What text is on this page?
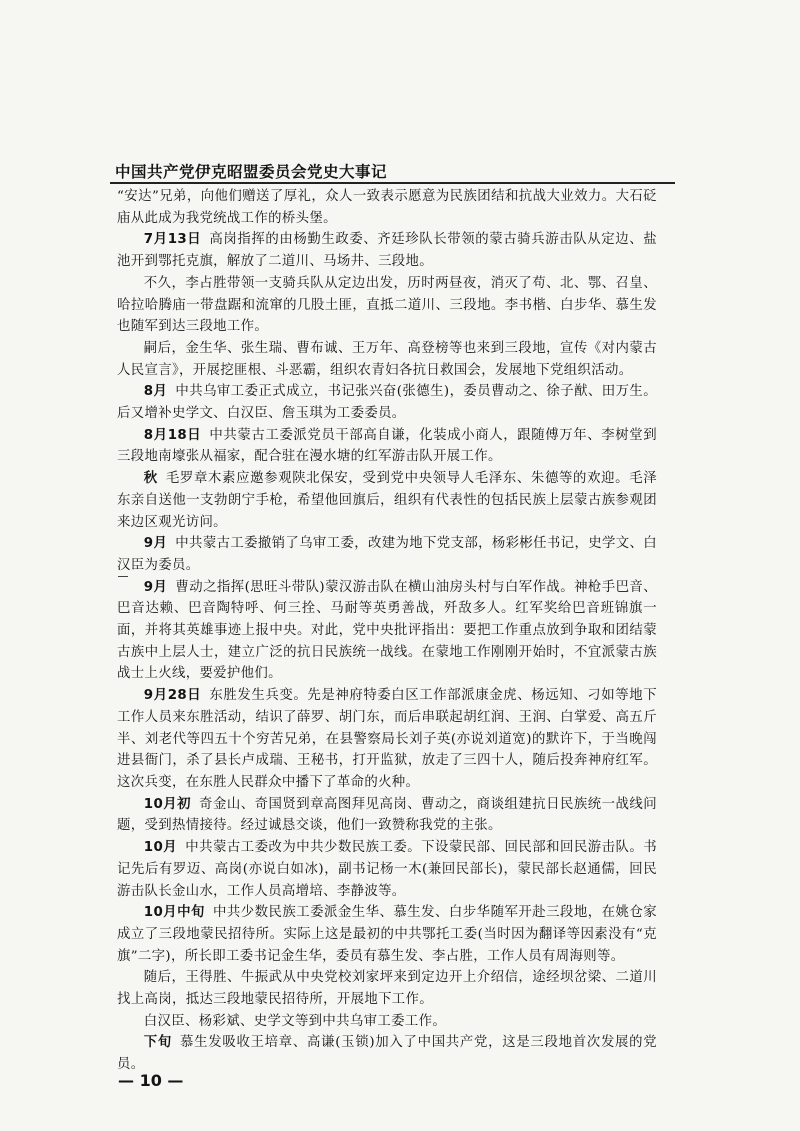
中国共产党伊克昭盟委员会党史大事记

“安达”兄弟，向他们赠送了厚礼，众人一致表示愿意为民族团结和抗战大业效力。大石砭庙从此成为我党统战工作的桥头堡。

7月13日 高岗指挥的由杨勤生政委、齐廷珍队长带领的蒙古骑兵游击队从定边、盐池开到鄂托克旗，解放了二道川、马场井、三段地。

不久，李占胜带领一支骑兵队从定边出发，历时两昼夜，消灭了苟、北、鄂、召皇、哈拉哈腾庙一带盘踞和流窜的几股土匪，直抵二道川、三段地。李书楷、白步华、慕生发也随军到达三段地工作。

嗣后，金生华、张生瑞、曹布诚、王万年、高登榜等也来到三段地，宣传《对内蒙古人民宣言》，开展挖匪根、斗恶霸，组织农青妇各抗日救国会，发展地下党组织活动。

8月 中共乌审工委正式成立，书记张兴奋(张德生)，委员曹动之、徐子猷、田万生。后又增补史学文、白汉臣、詹玉琪为工委委员。

8月18日 中共蒙古工委派党员干部高自谦，化装成小商人，跟随傅万年、李树堂到三段地南壕张从福家，配合驻在漫水塘的红军游击队开展工作。

秋 毛罗章木素应邀参观陕北保安，受到党中央领导人毛泽东、朱德等的欢迎。毛泽东亲自送他一支勃朗宁手枪，希望他回旗后，组织有代表性的包括民族上层蒙古族参观团来边区观光访问。

9月 中共蒙古工委撤销了乌审工委，改建为地下党支部，杨彩彬任书记，史学文、白汉臣为委员。

9月 曹动之指挥(思旺斗带队)蒙汉游击队在横山油房头村与白军作战。神枪手巴音、巴音达赖、巴音陶特呼、何三拴、马耐等英勇善战，歼敌多人。红军奖给巴音班锦旗一面，并将其英雄事迹上报中央。对此，党中央批评指出：要把工作重点放到争取和团结蒙古族中上层人士，建立广泛的抗日民族统一战线。在蒙地工作刚刚开始时，不宜派蒙古族战士上火线，要爱护他们。

9月28日 东胜发生兵变。先是神府特委白区工作部派康金虎、杨远知、刁如等地下工作人员来东胜活动，结识了薛罗、胡门东，而后串联起胡红润、王润、白掌爱、高五斤半、刘老代等四五十个穷苦兄弟，在县警察局长刘子英(亦说刘道宽)的默许下，于当晚闯进县衙门，杀了县长卢成瑞、王秘书，打开监狱，放走了三四十人，随后投奔神府红军。这次兵变，在东胜人民群众中播下了革命的火种。

10月初 奇金山、奇国贤到章高图拜见高岗、曹动之，商谈组建抗日民族统一战线问题，受到热情接待。经过诚恳交谈，他们一致赞称我党的主张。

10月 中共蒙古工委改为中共少数民族工委。下设蒙民部、回民部和回民游击队。书记先后有罗迈、高岗(亦说白如冰)，副书记杨一木(兼回民部长)，蒙民部长赵通儒，回民游击队长金山水，工作人员高增培、李静波等。

10月中旬 中共少数民族工委派金生华、慕生发、白步华随军开赴三段地，在姚仓家成立了三段地蒙民招待所。实际上这是最初的中共鄂托工委(当时因为翻译等因素没有“克旗”二字)，所长即工委书记金生华，委员有慕生发、李占胜，工作人员有周海则等。

随后，王得胜、牛振武从中央党校刘家坪来到定边开上介绍信，途经坝岔梁、二道川找上高岗，抵达三段地蒙民招待所，开展地下工作。

白汉臣、杨彩斌、史学文等到中共乌审工委工作。

下旬 慕生发吸收王培章、高谦(玉锁)加入了中国共产党，这是三段地首次发展的党员。

— 10 —
